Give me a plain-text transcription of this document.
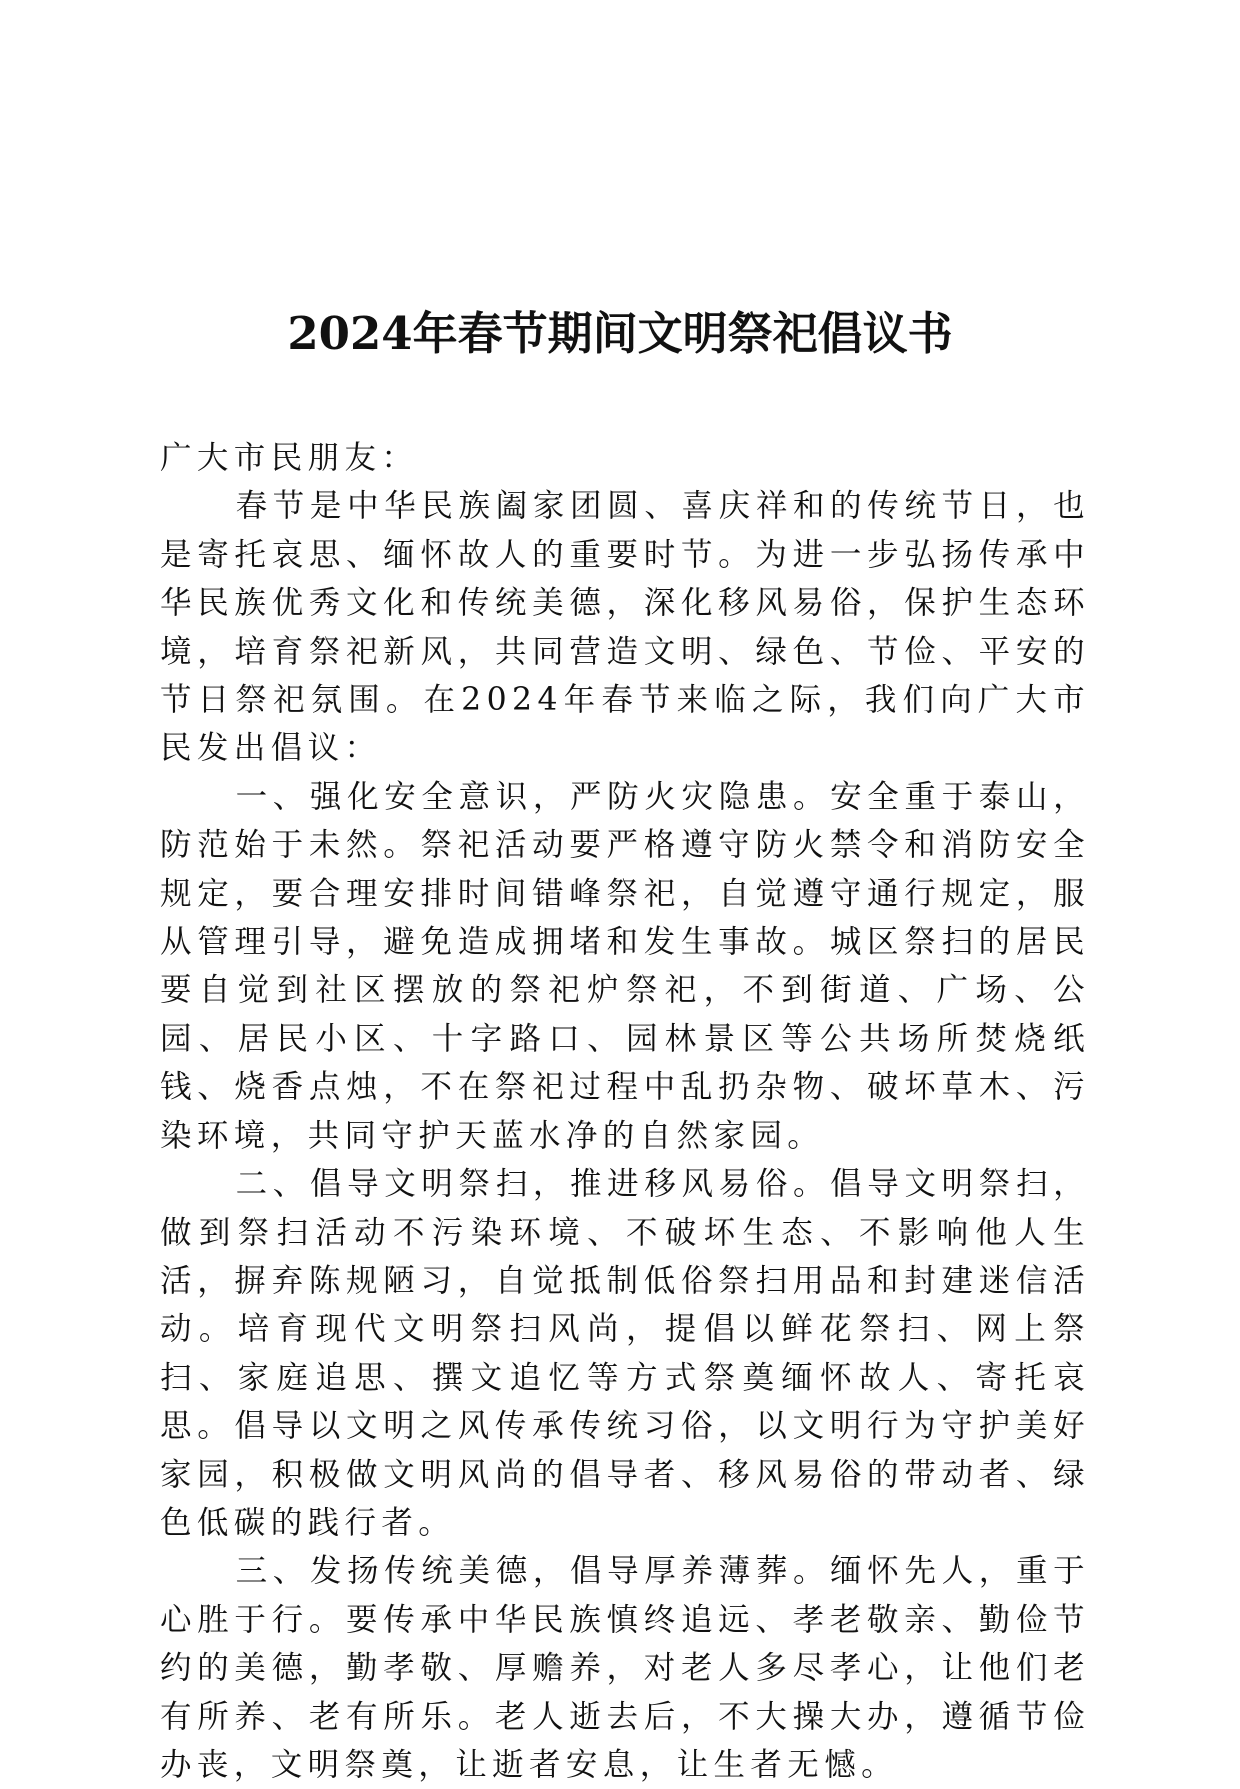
2024年春节期间文明祭祀倡议书

广大市民朋友：

春节是中华民族阖家团圆、喜庆祥和的传统节日，也是寄托哀思、缅怀故人的重要时节。为进一步弘扬传承中华民族优秀文化和传统美德，深化移风易俗，保护生态环境，培育祭祀新风，共同营造文明、绿色、节俭、平安的节日祭祀氛围。在2024年春节来临之际，我们向广大市民发出倡议：

一、强化安全意识，严防火灾隐患。安全重于泰山，防范始于未然。祭祀活动要严格遵守防火禁令和消防安全规定，要合理安排时间错峰祭祀，自觉遵守通行规定，服从管理引导，避免造成拥堵和发生事故。城区祭扫的居民要自觉到社区摆放的祭祀炉祭祀，不到街道、广场、公园、居民小区、十字路口、园林景区等公共场所焚烧纸钱、烧香点烛，不在祭祀过程中乱扔杂物、破坏草木、污染环境，共同守护天蓝水净的自然家园。

二、倡导文明祭扫，推进移风易俗。倡导文明祭扫，做到祭扫活动不污染环境、不破坏生态、不影响他人生活，摒弃陈规陋习，自觉抵制低俗祭扫用品和封建迷信活动。培育现代文明祭扫风尚，提倡以鲜花祭扫、网上祭扫、家庭追思、撰文追忆等方式祭奠缅怀故人、寄托哀思。倡导以文明之风传承传统习俗，以文明行为守护美好家园，积极做文明风尚的倡导者、移风易俗的带动者、绿色低碳的践行者。

三、发扬传统美德，倡导厚养薄葬。缅怀先人，重于心胜于行。要传承中华民族慎终追远、孝老敬亲、勤俭节约的美德，勤孝敬、厚赡养，对老人多尽孝心，让他们老有所养、老有所乐。老人逝去后，不大操大办，遵循节俭办丧，文明祭奠，让逝者安息，让生者无憾。
